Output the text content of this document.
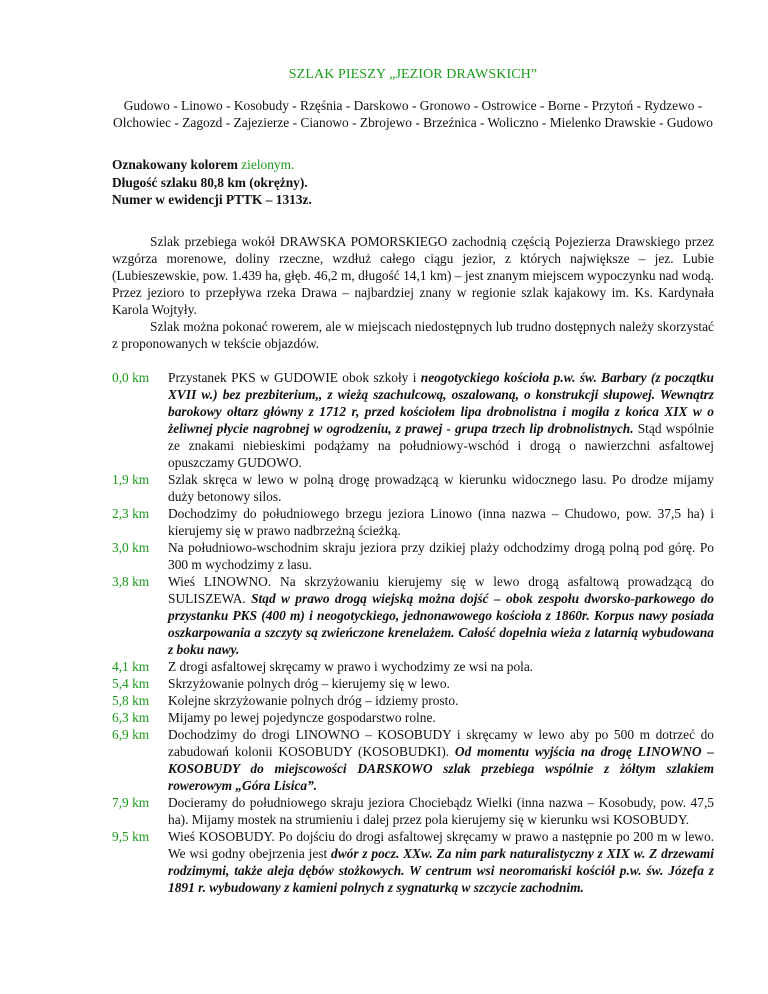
SZLAK PIESZY „JEZIOR DRAWSKICH”
Gudowo - Linowo - Kosobudy - Rzęśnia - Darskowo - Gronowo - Ostrowice - Borne - Przytoń - Rydzewo - Olchowiec - Zagozd - Zajezierze - Cianowo - Zbrojewo - Brzeźnica - Woliczno - Mielenko Drawskie - Gudowo
Oznakowany kolorem zielonym.
Długość szlaku 80,8 km (okrężny).
Numer w ewidencji PTTK – 1313z.

Szlak przebiega wokół DRAWSKA POMORSKIEGO zachodnią częścią Pojezierza Drawskiego przez wzgórza morenowe, doliny rzeczne, wzdłuż całego ciągu jezior, z których największe – jez. Lubie (Lubieszewskie, pow. 1.439 ha, głęb. 46,2 m, długość 14,1 km) – jest znanym miejscem wypoczynku nad wodą. Przez jezioro to przepływa rzeka Drawa – najbardziej znany w regionie szlak kajakowy im. Ks. Kardynała Karola Wojtyły.

Szlak można pokonać rowerem, ale w miejscach niedostępnych lub trudno dostępnych należy skorzystać z proponowanych w tekście objazdów.

0,0 km	Przystanek PKS w GUDOWIE obok szkoły i neogotyckiego kościoła p.w. św. Barbary (z początku XVII w.) bez prezbiterium,, z wieżą szachulcową, oszalowaną, o konstrukcji słupowej. Wewnątrz barokowy ołtarz główny z 1712 r, przed kościołem lipa drobnolistna i mogiła z końca XIX w o żeliwnej płycie nagrobnej w ogrodzeniu, z prawej - grupa trzech lip drobnolistnych. Stąd wspólnie ze znakami niebieskimi podążamy na południowy-wschód i drogą o nawierzchni asfaltowej opuszczamy GUDOWO.
1,9 km	Szlak skręca w lewo w polną drogę prowadzącą w kierunku widocznego lasu. Po drodze mijamy duży betonowy silos.
2,3 km	Dochodzimy do południowego brzegu jeziora Linowo (inna nazwa – Chudowo, pow. 37,5 ha) i kierujemy się w prawo nadbrzeżną ścieżką.
3,0 km	Na południowo-wschodnim skraju jeziora przy dzikiej plaży odchodzimy drogą polną pod górę. Po 300 m wychodzimy z lasu.
3,8 km	Wieś LINOWNO. Na skrzyżowaniu kierujemy się w lewo drogą asfaltową prowadzącą do SULISZEWA. Stąd w prawo drogą wiejską można dojść – obok zespołu dworsko-parkowego do przystanku PKS (400 m) i neogotyckiego, jednonawowego kościoła z 1860r. Korpus nawy posiada oszkarpowania a szczyty są zwieńczone krenelażem. Całość dopełnia wieża z latarnią wybudowana z boku nawy.
4,1 km	Z drogi asfaltowej skręcamy w prawo i wychodzimy ze wsi na pola.
5,4 km	Skrzyżowanie polnych dróg – kierujemy się w lewo.
5,8 km	Kolejne skrzyżowanie polnych dróg – idziemy prosto.
6,3 km	Mijamy po lewej pojedyncze gospodarstwo rolne.
6,9 km	Dochodzimy do drogi LINOWNO – KOSOBUDY i skręcamy w lewo aby po 500 m dotrzeć do zabudowań kolonii KOSOBUDY (KOSOBUDKI). Od momentu wyjścia na drogę LINOWNO – KOSOBUDY do miejscowości DARSKOWO szlak przebiega wspólnie z żółtym szlakiem rowerowym „Góra Lisica”.
7,9 km	Docieramy do południowego skraju jeziora Chociebądz Wielki (inna nazwa – Kosobudy, pow. 47,5 ha). Mijamy mostek na strumieniu i dalej przez pola kierujemy się w kierunku wsi KOSOBUDY.
9,5 km	Wieś KOSOBUDY. Po dojściu do drogi asfaltowej skręcamy w prawo a następnie po 200 m w lewo. We wsi godny obejrzenia jest dwór z pocz. XXw. Za nim park naturalistyczny z XIX w. Z drzewami rodzimymi, także aleja dębów stożkowych. W centrum wsi neoromański kościół p.w. św. Józefa z 1891 r. wybudowany z kamieni polnych z sygnaturką w szczycie zachodnim.
